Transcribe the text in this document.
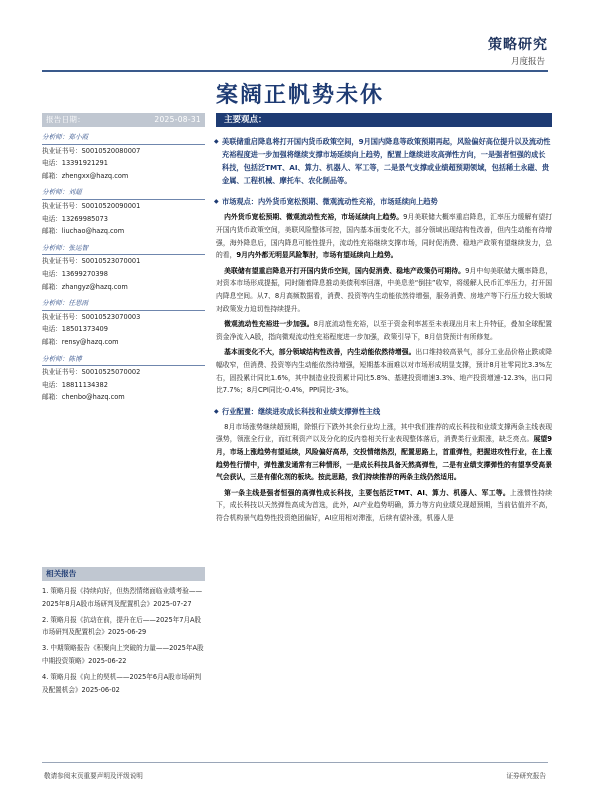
策略研究
月度报告
案阔正帆势未休
报告日期：	2025-08-31
分析师：郑小霞
执业证书号：S0010520080007
电话：13391921291
邮箱：zhengxx@hazq.com
分析师：刘超
执业证书号：S0010520090001
电话：13269985073
邮箱：liuchao@hazq.com
分析师：张运智
执业证书号：S0010523070001
电话：13699270398
邮箱：zhangyz@hazq.com
分析师：任思雨
执业证书号：S0010523070003
电话：18501373409
邮箱：rensy@hazq.com
分析师：陈博
执业证书号：S0010525070002
电话：18811134382
邮箱：chenbo@hazq.com
相关报告
1. 策略月报《持续向好，但热烈情绪面临业绩考验——2025年8月A股市场研判及配置机会》2025-07-27
2. 策略月报《抗动在前，提升在后——2025年7月A股市场研判及配置机会》2025-06-29
3. 中期策略报告《积聚向上突破的力量——2025年A股中期投资策略》2025-06-22
4. 策略月报《向上的契机——2025年6月A股市场研判及配置机会》2025-06-02
主要观点：
◆ 美联储重启降息将打开国内货币政策空间，9月国内降息等政策预期再起，风险偏好高位提升以及流动性充裕程度进一步加强将继续支撑市场延续向上趋势，配置上继续进攻高弹性方向，一是强者恒强的成长科技，包括泛TMT、AI、算力、机器人、军工等，二是景气支撑或业绩超预期领域，包括稀土永磁、贵金属、工程机械、摩托车、农化制品等。
◆ 市场观点：内外货币宽松预期、微观流动性充裕，市场延续向上趋势
内外货币宽松预期、微观流动性充裕，市场延续向上趋势。9月美联储大概率重启降息，汇率压力缓解有望打开国内货币政策空间，美联风险整体可控，国内基本面变化不大，部分领域出现结构性改善，但内生动能有待增强，海外降息后，国内降息可能性提升，流动性充裕继续支撑市场，同时促消费、稳地产政策有望继续发力，总的看，9月内外都无明显风险掣肘，市场有望延续向上趋势。
美联储有望重启降息开打开国内货币空间，国内促消费、稳地产政策仍可期待。9月中旬美联储大概率降息，对资本市场形成提振，同时随着降息推动美债利率回落，中美息差“倒挂”收窄，将缓解人民币汇率压力，打开国内降息空间。从7、8月高频数据看，消费、投资等内生动能依然待增强，服务消费、房地产等下行压力较大领域对政策发力迫切性持续提升。
微观流动性充裕进一步加强。8月底流动性充裕，以至于资金利率甚至未表现出月末上升特征，叠加全球配置资金净流入A股，指向微观流动性充裕程度进一步加强，政策引导下，8月信贷预计有所修复。
基本面变化不大，部分领域结构性改善，内生动能依然待增强。出口维持较高景气，部分工业品价格止跌或降幅收窄，但消费、投资等内生动能依然待增强，短期基本面难以对市场形成明显支撑，预计8月社零同比3.3%左右，固投累计同比1.6%，其中制造业投资累计同比5.8%、基建投资增速3.3%、地产投资增速-12.3%，出口同比7.7%；8月CPI同比-0.4%，PPI同比-3%。
◆ 行业配置：继续进攻成长科技和业绩支撑弹性主线
8月市场涨势继续超预期，除银行下跌外其余行业均上涨，其中我们推荐的成长科技和业绩支撑两条主线表现强势，领涨全行业，而红利资产以及分化的反内卷相关行业表现整体落后，消费类行业跟涨，缺乏亮点。展望9月，市场上涨趋势有望延续，风险偏好高昂，交投情绪热烈，配置思路上，首重弹性，把握进攻性行业，在上涨趋势性行情中，弹性激发通常有三种情形，一是成长科技具备天然高弹性，二是有业绩支撑弹性的有望享受高景气会获认，三是有催化剂的板块。按此思路，我们持续推荐的两条主线仍然适用。
第一条主线是强者恒强的高弹性成长科技，主要包括泛TMT、AI、算力、机器人、军工等。上涨惯性持续下，成长科技以天然弹性高成为首选，此外，AI产业趋势明确，算力等方向业绩兑现超预期，当前估值并不高，符合机构景气趋势性投资绝团偏好，AI应用相对滞涨，后续有望补涨，机器人是
敬请参阅末页重要声明及评级说明	证券研究报告
